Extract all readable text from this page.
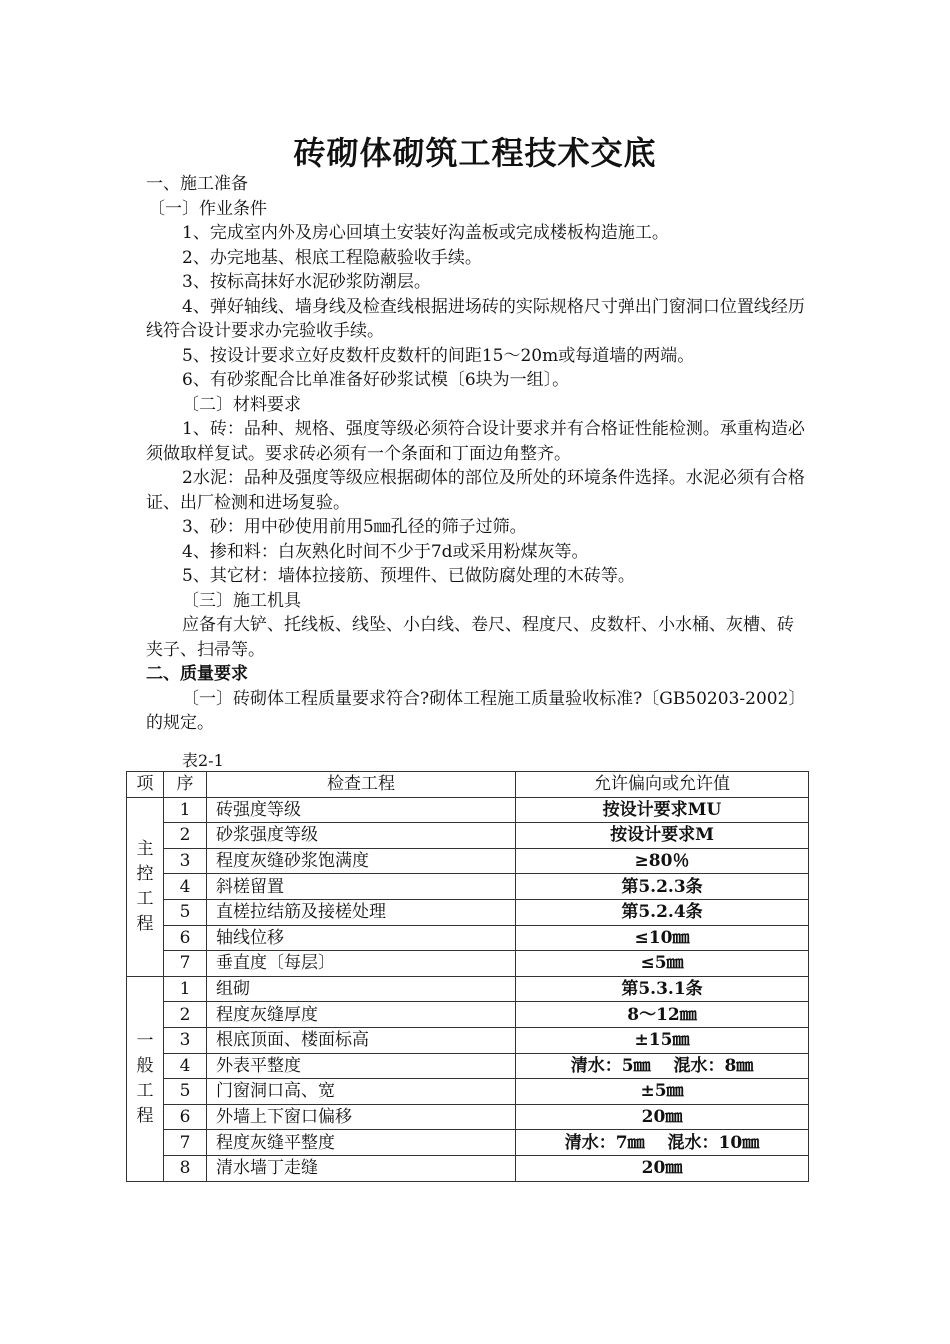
砖砌体砌筑工程技术交底

一、施工准备

〔一〕作业条件

1、完成室内外及房心回填土安装好沟盖板或完成楼板构造施工。

2、办完地基、根底工程隐蔽验收手续。

3、按标高抹好水泥砂浆防潮层。

4、弹好轴线、墙身线及检查线根据进场砖的实际规格尺寸弹出门窗洞口位置线经历线符合设计要求办完验收手续。

5、按设计要求立好皮数杆皮数杆的间距15～20m或每道墙的两端。

6、有砂浆配合比单准备好砂浆试模〔6块为一组〕。

〔二〕材料要求

1、砖：品种、规格、强度等级必须符合设计要求并有合格证性能检测。承重构造必须做取样复试。要求砖必须有一个条面和丁面边角整齐。

2水泥：品种及强度等级应根据砌体的部位及所处的环境条件选择。水泥必须有合格证、出厂检测和进场复验。

3、砂：用中砂使用前用5㎜孔径的筛子过筛。

4、掺和料：白灰熟化时间不少于7d或采用粉煤灰等。

5、其它材：墙体拉接筋、预埋件、已做防腐处理的木砖等。

〔三〕施工机具

应备有大铲、托线板、线坠、小白线、卷尺、程度尺、皮数杆、小水桶、灰槽、砖夹子、扫帚等。

二、质量要求

〔一〕砖砌体工程质量要求符合?砌体工程施工质量验收标准?〔GB50203-2002〕的规定。

表2-1
项	序	检查工程	允许偏向或允许值
主控工程	1	砖强度等级	按设计要求MU
	2	砂浆强度等级	按设计要求M
	3	程度灰缝砂浆饱满度	≥80％
	4	斜槎留置	第5.2.3条
	5	直槎拉结筋及接槎处理	第5.2.4条
	6	轴线位移	≤10㎜
	7	垂直度〔每层〕	≤5㎜
一般工程	1	组砌	第5.3.1条
	2	程度灰缝厚度	8～12㎜
	3	根底顶面、楼面标高	±15㎜
	4	外表平整度	清水：5㎜　 混水：8㎜
	5	门窗洞口高、宽	±5㎜
	6	外墙上下窗口偏移	20㎜
	7	程度灰缝平整度	清水：7㎜　 混水：10㎜
	8	清水墙丁走缝	20㎜
